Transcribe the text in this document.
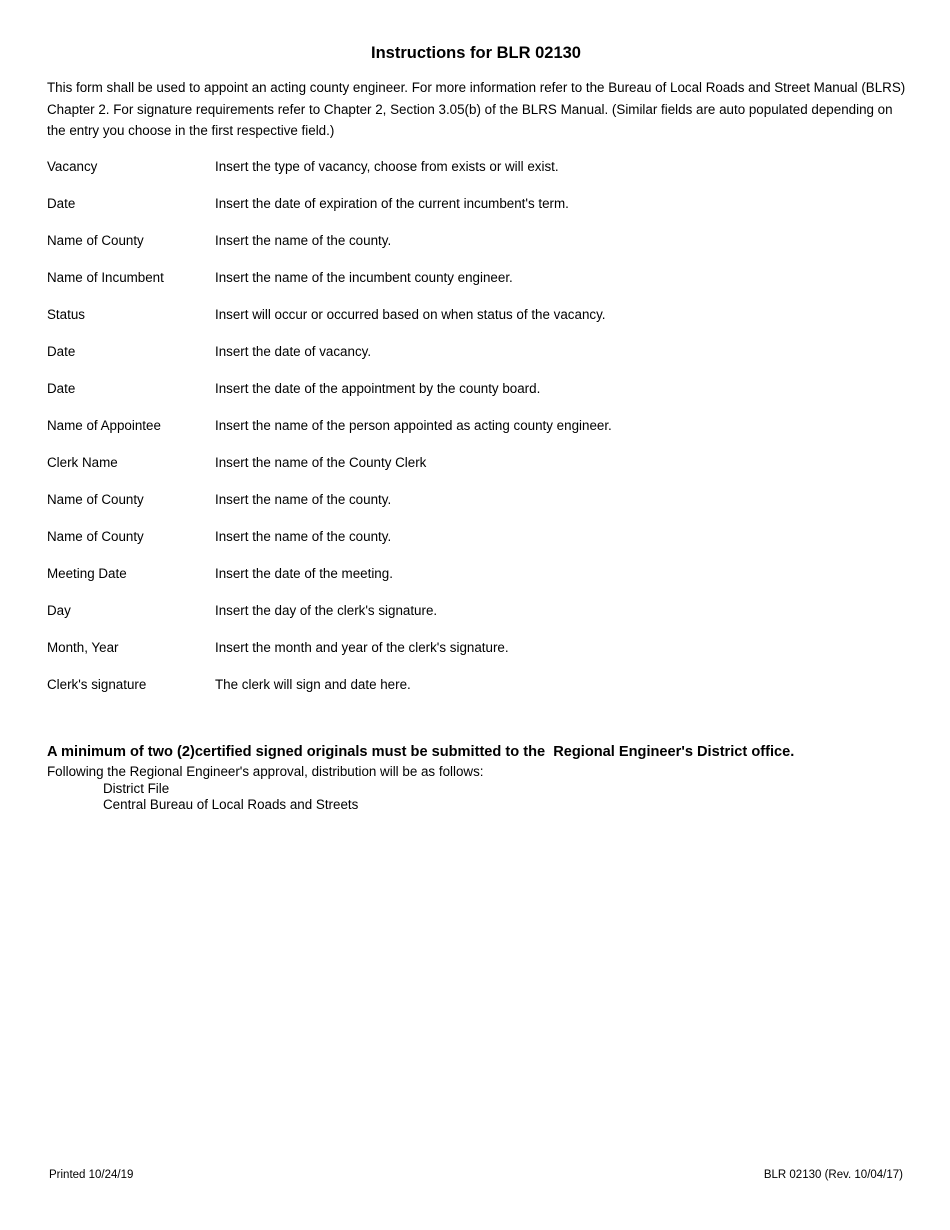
Instructions for BLR 02130
This form shall be used to appoint an acting county engineer. For more information refer to the Bureau of Local Roads and Street Manual (BLRS) Chapter 2. For signature requirements refer to Chapter 2, Section 3.05(b) of the BLRS Manual. (Similar fields are auto populated depending on the entry you choose in the first respective field.)
Vacancy	Insert the type of vacancy, choose from exists or will exist.
Date	Insert the date of expiration of the current incumbent's term.
Name of County	Insert the name of the county.
Name of Incumbent	Insert the name of the incumbent county engineer.
Status	Insert will occur or occurred based on when status of the vacancy.
Date	Insert the date of vacancy.
Date	Insert the date of the appointment by the county board.
Name of Appointee	Insert the name of the person appointed as acting county engineer.
Clerk Name	Insert the name of the County Clerk
Name of County	Insert the name of the county.
Name of County	Insert the name of the county.
Meeting Date	Insert the date of the meeting.
Day	Insert the day of the clerk's signature.
Month, Year	Insert the month and year of the clerk's signature.
Clerk's signature	The clerk will sign and date here.
A minimum of two (2)certified signed originals must be submitted to the  Regional Engineer's District office.
Following the Regional Engineer's approval, distribution will be as follows:
District File
Central Bureau of Local Roads and Streets
Printed 10/24/19	BLR 02130 (Rev. 10/04/17)
